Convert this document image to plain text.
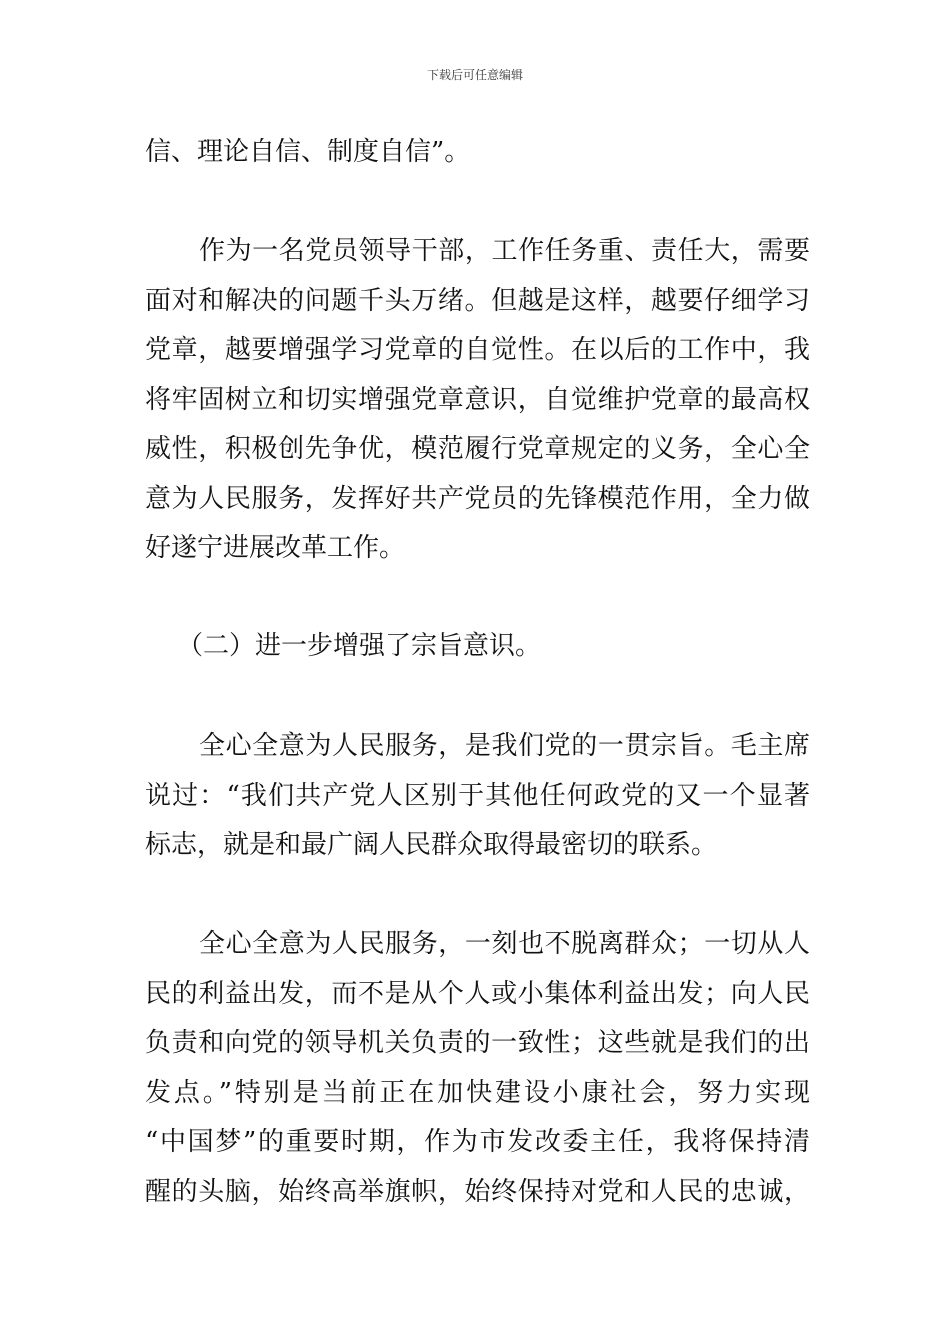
下载后可任意编辑
信、理论自信、制度自信”。
作为一名党员领导干部，工作任务重、责任大，需要
面对和解决的问题千头万绪。但越是这样，越要仔细学习
党章，越要增强学习党章的自觉性。在以后的工作中，我
将牢固树立和切实增强党章意识，自觉维护党章的最高权
威性，积极创先争优，模范履行党章规定的义务，全心全
意为人民服务，发挥好共产党员的先锋模范作用，全力做
好遂宁进展改革工作。
（二）进一步增强了宗旨意识。
全心全意为人民服务，是我们党的一贯宗旨。毛主席
说过：“我们共产党人区别于其他任何政党的又一个显著
标志，就是和最广阔人民群众取得最密切的联系。
全心全意为人民服务，一刻也不脱离群众；一切从人
民的利益出发，而不是从个人或小集体利益出发；向人民
负责和向党的领导机关负责的一致性；这些就是我们的出
发点。”特别是当前正在加快建设小康社会，努力实现
“中国梦”的重要时期，作为市发改委主任，我将保持清
醒的头脑，始终高举旗帜，始终保持对党和人民的忠诚，
